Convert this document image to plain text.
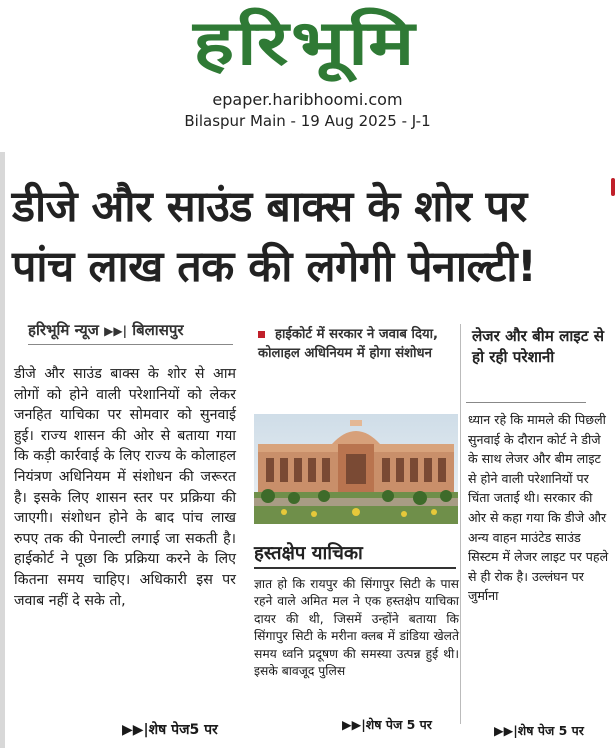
हरिभूमि
epaper.haribhoomi.com
Bilaspur Main - 19 Aug 2025 - J-1
डीजे और साउंड बाक्स के शोर पर
पांच लाख तक की लगेगी पेनाल्टी!
हरिभूमि न्यूज ▶▶| बिलासपुर
डीजे और साउंड बाक्स के शोर से आम लोगों को होने वाली परेशानियों को लेकर जनहित याचिका पर सोमवार को सुनवाई हुई। राज्य शासन की ओर से बताया गया कि कड़ी कार्रवाई के लिए राज्य के कोलाहल नियंत्रण अधिनियम में संशोधन की जरूरत है। इसके लिए शासन स्तर पर प्रक्रिया की जाएगी। संशोधन होने के बाद पांच लाख रुपए तक की पेनाल्टी लगाई जा सकती है। हाईकोर्ट ने पूछा कि प्रक्रिया करने के लिए कितना समय चाहिए। अधिकारी इस पर जवाब नहीं दे सके तो,
▶▶|शेष पेज5 पर
हाईकोर्ट में सरकार ने जवाब दिया, कोलाहल अधिनियम में होगा संशोधन
हस्तक्षेप याचिका
ज्ञात हो कि रायपुर की सिंगापुर सिटी के पास रहने वाले अमित मल ने एक हस्तक्षेप याचिका दायर की थी, जिसमें उन्होंने बताया कि सिंगापुर सिटी के मरीना क्लब में डांडिया खेलते समय ध्वनि प्रदूषण की समस्या उत्पन्न हुई थी। इसके बावजूद पुलिस
▶▶|शेष पेज 5 पर
लेजर और बीम लाइट से हो रही परेशानी
ध्यान रहे कि मामले की पिछली सुनवाई के दौरान कोर्ट ने डीजे के साथ लेजर और बीम लाइट से होने वाली परेशानियों पर चिंता जताई थी। सरकार की ओर से कहा गया कि डीजे और अन्य वाहन माउंटेड साउंड सिस्टम में लेजर लाइट पर पहले से ही रोक है। उल्लंघन पर जुर्माना
▶▶|शेष पेज 5 पर
